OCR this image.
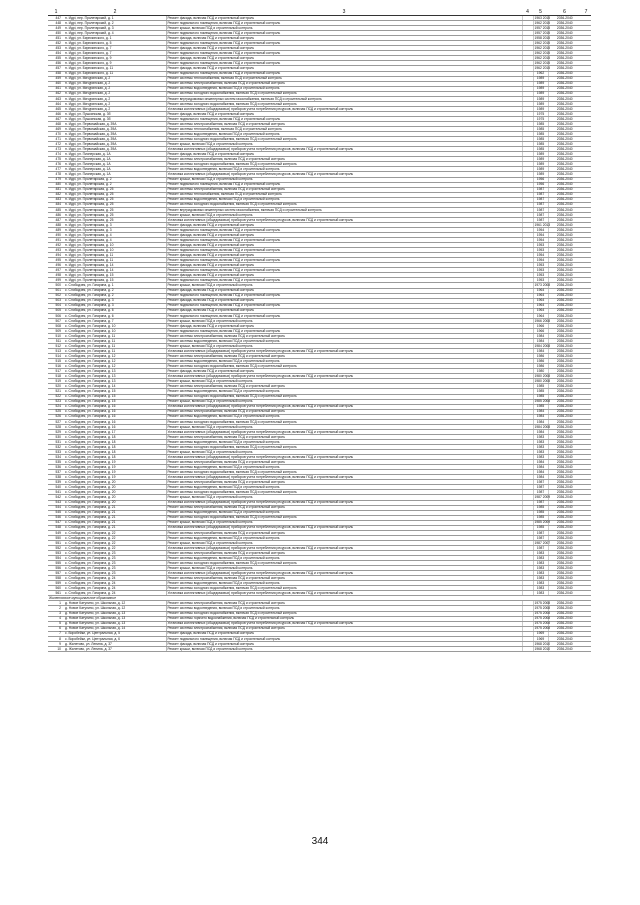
1	2	3	4	5	6	7
447	п. Идрі, пер. Пролетарский, д. 1	Ремонт фасада, включая ПСД и строительный контроль		1963 2015	2036-2040	
448	п. Идрі, пер. Пролетарский, д. 2	Ремонт подвального помещения, включая ПСД и строительный контроль		1962 2015	2036-2040	
449	п. Идрі, пер. Пролетарский, д. 3	Ремонт крыши, включая ПСД и строительный контроль		1957 2015	2036-2040	
450	п. Идрі, пер. Пролетарский, д. 4	Ремонт подвального помещения, включая ПСД и строительный контроль		1957 2015	2036-2040	
451	п. Идрі, ул. Бирюзинского, д. 1	Ремонт фасада, включая ПСД и строительный контроль		1958 2015	2036-2040	
452	п. Идрі, ул. Бирюзинского, д. 5	Ремонт подвального помещения, включая ПСД и строительный контроль		1962 2015	2036-2040	
453	п. Идрі, ул. Бирюзинского, д. 7	Ремонт фасада, включая ПСД и строительный контроль		1962 2015	2036-2040	
454	п. Идрі, ул. Бирюзинского, д. 7	Ремонт подвального помещения, включая ПСД и строительный контроль		1962 2015	2036-2040	
455	п. Идрі, ул. Бирюзинского, д. 9	Ремонт фасада, включая ПСД и строительный контроль		1962 2015	2036-2040	
456	п. Идрі, ул. Бирюзинского, д. 9	Ремонт подвального помещения, включая ПСД и строительный контроль		1962 2015	2036-2040	
457	п. Идрі, ул. Бирюзинского, д. 11	Ремонт фасада, включая ПСД и строительный контроль		1962 2015	2036-2040	
458	п. Идрі, ул. Бирюзинского, д. 11	Ремонт подвального помещения, включая ПСД и строительный контроль		1962	2036-2040	
459	п. Идрі, ул. Мичуринская, д. 2	Ремонт системы теплоснабжения, включая ПСД и строительный контроль		1989	2036-2040	
460	п. Идрі, ул. Мичуринская, д. 2	Ремонт системы электроснабжения, включая ПСД и строительный контроль		1989	2036-2040	
461	п. Идрі, ул. Мичуринская, д. 2	Ремонт системы водоотведения, включая ПСД и строительный контроль		1989	2036-2040	
462	п. Идрі, ул. Мичуринская, д. 2	Ремонт системы холодного водоснабжения, включая ПСД и строительный контроль		1989	2036-2040	
463	п. Идрі, ул. Мичуринская, д. 2	Ремонт внутридомовых инженерных систем газоснабжения, включая ПСД и строительный контроль		1989	2036-2040	
464	п. Идрі, ул. Мичуринская, д. 2	Ремонт системы холодного водоснабжения, включая ПСД и строительный контроль		1989	2036-2040	
465	п. Идрі, ул. Мичуринская, д. 2	Установка коллективных (общедомовых) приборов учета потребления ресурсов, включая ПСД и строительный контроль		1989	2036-2040	
466	п. Идрі, ул. Пушкинская, д. 3б	Ремонт фасада, включая ПСД и строительный контроль		1975	2036-2040	
467	п. Идрі, ул. Пушкинская, д. 3б	Ремонт подвального помещения, включая ПСД и строительный контроль		1975	2036-2040	
468	п. Идрі, ул. Первомайская, д. 39А	Ремонт системы электроснабжения, включая ПСД и строительный контроль		1985	2036-2040	
469	п. Идрі, ул. Первомайская, д. 39А	Ремонт системы теплоснабжения, включая ПСД и строительный контроль		1985	2036-2040	
470	п. Идрі, ул. Первомайская, д. 39А	Ремонт системы водоотведения, включая ПСД и строительный контроль		1985	2036-2040	
471	п. Идрі, ул. Первомайская, д. 39А	Ремонт системы холодного водоснабжения, включая ПСД и строительный контроль		1985	2036-2040	
472	п. Идрі, ул. Первомайская, д. 39А	Ремонт крыши, включая ПСД и строительный контроль		1985	2036-2040	
473	п. Идрі, ул. Первомайская, д. 39А	Установка коллективных (общедомовых) приборов учета потребления ресурсов, включая ПСД и строительный контроль		1985	2036-2040	
474	п. Идрі, ул. Пионерская, д. 1А	Ремонт фасада, включая ПСД и строительный контроль		1989	2036-2040	
475	п. Идрі, ул. Пионерская, д. 1А	Ремонт системы электроснабжения, включая ПСД и строительный контроль		1989	2036-2040	
476	п. Идрі, ул. Пионерская, д. 1А	Ремонт системы холодного водоснабжения, включая ПСД и строительный контроль		1989	2036-2040	
477	п. Идрі, ул. Пионерская, д. 1А	Ремонт системы водоотведения, включая ПСД и строительный контроль		1989	2036-2040	
478	п. Идрі, ул. Пионерская, д. 1А	Установка коллективных (общедомовых) приборов учета потребления ресурсов, включая ПСД и строительный контроль		1989	2036-2040	
479	п. Идрі, ул. Пролетарская, д. 2	Ремонт крыши, включая ПСД и строительный контроль		1956	2036-2040	
480	п. Идрі, ул. Пролетарская, д. 2	Ремонт подвального помещения, включая ПСД и строительный контроль		1956	2036-2040	
481	п. Идрі, ул. Пролетарская, д. 25	Ремонт системы электроснабжения, включая ПСД и строительный контроль		1987	2036-2040	
482	п. Идрі, ул. Пролетарская, д. 25	Ремонт системы теплоснабжения, включая ПСД и строительный контроль		1987	2036-2040	
483	п. Идрі, ул. Пролетарская, д. 25	Ремонт системы водоотведения, включая ПСД и строительный контроль		1987	2036-2040	
484	п. Идрі, ул. Пролетарская, д. 25	Ремонт системы холодного водоснабжения, включая ПСД и строительный контроль		1987	2036-2040	
485	п. Идрі, ул. Пролетарская, д. 25	Ремонт внутридомовых инженерных систем газоснабжения, включая ПСД и строительный контроль		1987	2036-2040	
486	п. Идрі, ул. Пролетарская, д. 25	Ремонт крыши, включая ПСД и строительный контроль		1987	2036-2040	
487	п. Идрі, ул. Пролетарская, д. 25	Установка коллективных (общедомовых) приборов учета потребления ресурсов, включая ПСД и строительный контроль		1987	2036-2040	
488	п. Идрі, ул. Пролетарская, д. 3	Ремонт фасада, включая ПСД и строительный контроль		1961 2013	2036-2040	
489	п. Идрі, ул. Пролетарская, д. 3	Ремонт подвального помещения, включая ПСД и строительный контроль		1954	2036-2040	
490	п. Идрі, ул. Пролетарская, д. 4	Ремонт фасада, включая ПСД и строительный контроль		1954	2036-2040	
491	п. Идрі, ул. Пролетарская, д. 4	Ремонт подвального помещения, включая ПСД и строительный контроль		1954	2036-2040	
492	п. Идрі, ул. Пролетарская, д. 10	Ремонт фасада, включая ПСД и строительный контроль		1953	2036-2040	
493	п. Идрі, ул. Пролетарская, д. 10	Ремонт подвального помещения, включая ПСД и строительный контроль		1953	2036-2040	
494	п. Идрі, ул. Пролетарская, д. 11	Ремонт фасада, включая ПСД и строительный контроль		1954	2036-2040	
495	п. Идрі, ул. Пролетарская, д. 11	Ремонт подвального помещения, включая ПСД и строительный контроль		1954	2036-2040	
496	п. Идрі, ул. Пролетарская, д. 14	Ремонт фасада, включая ПСД и строительный контроль		1953	2036-2040	
497	п. Идрі, ул. Пролетарская, д. 14	Ремонт подвального помещения, включая ПСД и строительный контроль		1953	2036-2040	
498	п. Идрі, ул. Пролетарская, д. 15	Ремонт фасада, включая ПСД и строительный контроль		1953	2036-2040	
499	п. Идрі, ул. Пролетарская, д. 15	Ремонт подвального помещения, включая ПСД и строительный контроль		1953	2036-2040	
500	с. Слободзея, ул. Гагарина, д. 1	Ремонт крыши, включая ПСД и строительный контроль		1973 2008	2036-2040	
501	с. Слободзея, ул. Гагарина, д. 2	Ремонт фасада, включая ПСД и строительный контроль		1964	2036-2040	
502	с. Слободзея, ул. Гагарина, д. 2	Ремонт подвального помещения, включая ПСД и строительный контроль		1964	2036-2040	
503	с. Слободзея, ул. Гагарина, д. 3	Ремонт фасада, включая ПСД и строительный контроль		1964	2036-2040	
504	с. Слободзея, ул. Гагарина, д. 3	Ремонт подвального помещения, включая ПСД и строительный контроль		1964	2036-2040	
505	с. Слободзея, ул. Гагарина, д. 6	Ремонт фасада, включая ПСД и строительный контроль		1964	2036-2040	
506	с. Слободзея, ул. Гагарина, д. 6	Ремонт подвального помещения, включая ПСД и строительный контроль		1964	2036-2040	
507	с. Слободзея, ул. Гагарина, д. 7	Ремонт крыши, включая ПСД и строительный контроль		1966 2008	2036-2040	
508	с. Слободзея, ул. Гагарина, д. 10	Ремонт фасада, включая ПСД и строительный контроль		1966	2036-2040	
509	с. Слободзея, ул. Гагарина, д. 10	Ремонт подвального помещения, включая ПСД и строительный контроль		1966	2036-2040	
510	с. Слободзея, ул. Гагарина, д. 11	Ремонт системы электроснабжения, включая ПСД и строительный контроль		1984	2036-2040	
511	с. Слободзея, ул. Гагарина, д. 11	Ремонт системы водоотведения, включая ПСД и строительный контроль		1984	2036-2040	
512	с. Слободзея, ул. Гагарина, д. 11	Ремонт крыши, включая ПСД и строительный контроль		1984 2008	2036-2040	
513	с. Слободзея, ул. Гагарина, д. 11	Установка коллективных (общедомовых) приборов учета потребления ресурсов, включая ПСД и строительный контроль		1984	2036-2040	
514	с. Слободзея, ул. Гагарина, д. 12	Ремонт системы электроснабжения, включая ПСД и строительный контроль		1986	2036-2040	
515	с. Слободзея, ул. Гагарина, д. 12	Ремонт системы водоотведения, включая ПСД и строительный контроль		1986	2036-2040	
516	с. Слободзея, ул. Гагарина, д. 12	Ремонт системы холодного водоснабжения, включая ПСД и строительный контроль		1986	2036-2040	
517	с. Слободзея, ул. Гагарина, д. 13	Ремонт фасада, включая ПСД и строительный контроль		1980	2036-2040	
518	с. Слободзея, ул. Гагарина, д. 13	Установка коллективных (общедомовых) приборов учета потребления ресурсов, включая ПСД и строительный контроль		1980 2008	2036-2040	
519	с. Слободзея, ул. Гагарина, д. 13	Ремонт крыши, включая ПСД и строительный контроль		1980 2008	2036-2040	
520	с. Слободзея, ул. Гагарина, д. 14	Ремонт системы электроснабжения, включая ПСД и строительный контроль		1985	2036-2040	
521	с. Слободзея, ул. Гагарина, д. 15	Ремонт системы водоотведения, включая ПСД и строительный контроль		1985	2036-2040	
522	с. Слободзея, ул. Гагарина, д. 15	Ремонт системы холодного водоснабжения, включая ПСД и строительный контроль		1985	2036-2040	
523	с. Слободзея, ул. Гагарина, д. 15	Ремонт крыши, включая ПСД и строительный контроль		1985 2008	2036-2040	
524	с. Слободзея, ул. Гагарина, д. 16	Установка коллективных (общедомовых) приборов учета потребления ресурсов, включая ПСД и строительный контроль		1985	2036-2040	
525	с. Слободзея, ул. Гагарина, д. 16	Ремонт системы электроснабжения, включая ПСД и строительный контроль		1984	2036-2040	
526	с. Слободзея, ул. Гагарина, д. 16	Ремонт системы водоотведения, включая ПСД и строительный контроль		1984	2036-2040	
527	с. Слободзея, ул. Гагарина, д. 16	Ремонт системы холодного водоснабжения, включая ПСД и строительный контроль		1984	2036-2040	
528	с. Слободзея, ул. Гагарина, д. 16	Ремонт крыши, включая ПСД и строительный контроль		1984 2008	2036-2040	
529	с. Слободзея, ул. Гагарина, д. 17	Установка коллективных (общедомовых) приборов учета потребления ресурсов, включая ПСД и строительный контроль		1984	2036-2040	
530	с. Слободзея, ул. Гагарина, д. 18	Ремонт системы электроснабжения, включая ПСД и строительный контроль		1983	2036-2040	
531	с. Слободзея, ул. Гагарина, д. 18	Ремонт системы водоотведения, включая ПСД и строительный контроль		1983	2036-2040	
532	с. Слободзея, ул. Гагарина, д. 18	Ремонт системы холодного водоснабжения, включая ПСД и строительный контроль		1983	2036-2040	
533	с. Слободзея, ул. Гагарина, д. 18	Ремонт крыши, включая ПСД и строительный контроль		1983	2036-2040	
534	с. Слободзея, ул. Гагарина, д. 18	Установка коллективных (общедомовых) приборов учета потребления ресурсов, включая ПСД и строительный контроль		1983	2036-2040	
535	с. Слободзея, ул. Гагарина, д. 19	Ремонт системы электроснабжения, включая ПСД и строительный контроль		1984	2036-2040	
536	с. Слободзея, ул. Гагарина, д. 19	Ремонт системы водоотведения, включая ПСД и строительный контроль		1984	2036-2040	
537	с. Слободзея, ул. Гагарина, д. 19	Ремонт системы холодного водоснабжения, включая ПСД и строительный контроль		1984	2036-2040	
538	с. Слободзея, ул. Гагарина, д. 19	Установка коллективных (общедомовых) приборов учета потребления ресурсов, включая ПСД и строительный контроль		1984	2036-2040	
539	с. Слободзея, ул. Гагарина, д. 20	Ремонт системы электроснабжения, включая ПСД и строительный контроль		1987	2036-2040	
540	с. Слободзея, ул. Гагарина, д. 20	Ремонт системы водоотведения, включая ПСД и строительный контроль		1987	2036-2040	
541	с. Слободзея, ул. Гагарина, д. 20	Ремонт системы холодного водоснабжения, включая ПСД и строительный контроль		1987	2036-2040	
542	с. Слободзея, ул. Гагарина, д. 20	Ремонт крыши, включая ПСД и строительный контроль		1987 2009	2036-2040	
543	с. Слободзея, ул. Гагарина, д. 20	Установка коллективных (общедомовых) приборов учета потребления ресурсов, включая ПСД и строительный контроль		1987	2036-2040	
544	с. Слободзея, ул. Гагарина, д. 21	Ремонт системы электроснабжения, включая ПСД и строительный контроль		1985	2036-2040	
545	с. Слободзея, ул. Гагарина, д. 21	Ремонт системы водоотведения, включая ПСД и строительный контроль		1985	2036-2040	
546	с. Слободзея, ул. Гагарина, д. 21	Ремонт системы холодного водоснабжения, включая ПСД и строительный контроль		1985	2036-2040	
547	с. Слободзея, ул. Гагарина, д. 21	Ремонт крыши, включая ПСД и строительный контроль		1985 2009	2036-2040	
548	с. Слободзея, ул. Гагарина, д. 21	Установка коллективных (общедомовых) приборов учета потребления ресурсов, включая ПСД и строительный контроль		1985	2036-2040	
549	с. Слободзея, ул. Гагарина, д. 22	Ремонт системы электроснабжения, включая ПСД и строительный контроль		1987	2036-2040	
550	с. Слободзея, ул. Гагарина, д. 22	Ремонт системы водоотведения, включая ПСД и строительный контроль		1987	2036-2040	
551	с. Слободзея, ул. Гагарина, д. 22	Ремонт крыши, включая ПСД и строительный контроль		1987 2007	2036-2040	
552	с. Слободзея, ул. Гагарина, д. 22	Установка коллективных (общедомовых) приборов учета потребления ресурсов, включая ПСД и строительный контроль		1987	2036-2040	
553	с. Слободзея, ул. Гагарина, д. 23	Ремонт системы электроснабжения, включая ПСД и строительный контроль		1983	2036-2040	
554	с. Слободзея, ул. Гагарина, д. 23	Ремонт системы водоотведения, включая ПСД и строительный контроль		1983	2036-2040	
555	с. Слободзея, ул. Гагарина, д. 23	Ремонт системы холодного водоснабжения, включая ПСД и строительный контроль		1983	2036-2040	
556	с. Слободзея, ул. Гагарина, д. 23	Ремонт крыши, включая ПСД и строительный контроль		1983	2036-2040	
557	с. Слободзея, ул. Гагарина, д. 23	Установка коллективных (общедомовых) приборов учета потребления ресурсов, включая ПСД и строительный контроль		1983	2036-2040	
558	с. Слободзея, ул. Гагарина, д. 24	Ремонт системы электроснабжения, включая ПСД и строительный контроль		1983	2036-2040	
559	с. Слободзея, ул. Гагарина, д. 24	Ремонт системы водоотведения, включая ПСД и строительный контроль		1983	2036-2040	
560	с. Слободзея, ул. Гагарина, д. 24	Ремонт системы холодного водоснабжения, включая ПСД и строительный контроль		1983	2036-2040	
561	с. Слободзея, ул. Гагарина, д. 24	Установка коллективных (общедомовых) приборов учета потребления ресурсов, включая ПСД и строительный контроль		1983	2036-2040	
Жилетовское муниципальное образование						
1	д. Новое Катунино, ул. Школьная, д. 12	Ремонт системы электроснабжения, включая ПСД и строительный контроль		1975 2008	2036-2040	
2	д. Новое Катунино, ул. Школьная, д. 12	Ремонт системы водоотведения, включая ПСД и строительный контроль		1975 2008	2036-2040	
3	д. Новое Катунино, ул. Школьная, д. 13	Ремонт системы холодного водоснабжения, включая ПСД и строительный контроль		1975 2008	2036-2040	
4	д. Новое Катунино, ул. Школьная, д. 13	Ремонт системы горячего водоснабжения, включая ПСД и строительный контроль		1975 2008	2036-2040	
5	д. Новое Катунино, ул. Школьная, д. 13	Установка коллективных (общедомовых) приборов учета потребления ресурсов, включая ПСД и строительный контроль		1975 2008	2036-2040	
6	д. Новое Катунино, ул. Школьная, д. 14	Ремонт системы электроснабжения, включая ПСД и строительный контроль		1975 2008	2036-2040	
7	с. Воробейки, ул. Центральная, д. 5	Ремонт фасада, включая ПСД и строительный контроль		1969	2036-2040	
8	с. Воробейки, ул. Центральная, д. 6	Ремонт подвального помещения, включая ПСД и строительный контроль		1969	2036-2040	
9	д. Жилетово, ул. Ленина, д. 37	Ремонт фасада, включая ПСД и строительный контроль		1968 2010	2036-2040	
10	д. Жилетово, ул. Ленина, д. 37	Ремонт крыши, включая ПСД и строительный контроль		1968 2010	2036-2040	
344
